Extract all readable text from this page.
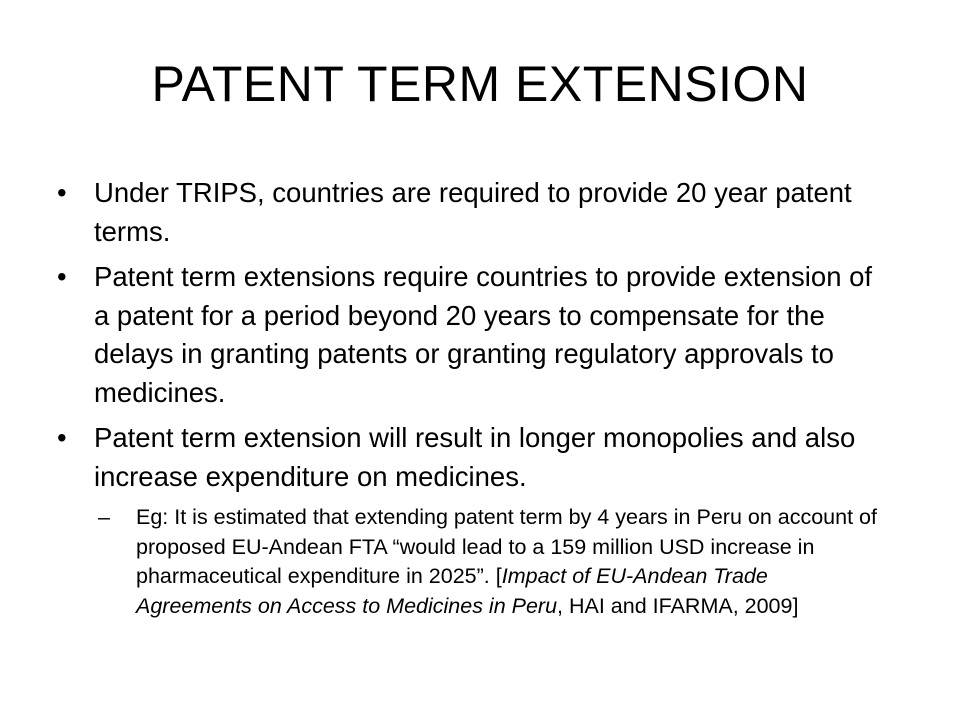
PATENT TERM EXTENSION
• Under TRIPS, countries are required to provide 20 year patent terms.
• Patent term extensions require countries to provide extension of a patent for a period beyond 20 years to compensate for the delays in granting patents or granting regulatory approvals to medicines.
• Patent term extension will result in longer monopolies and also increase expenditure on medicines.
– Eg: It is estimated that extending patent term by 4 years in Peru on account of proposed EU-Andean FTA “would lead to a 159 million USD increase in pharmaceutical expenditure in 2025”. [Impact of EU-Andean Trade Agreements on Access to Medicines in Peru, HAI and IFARMA, 2009]
